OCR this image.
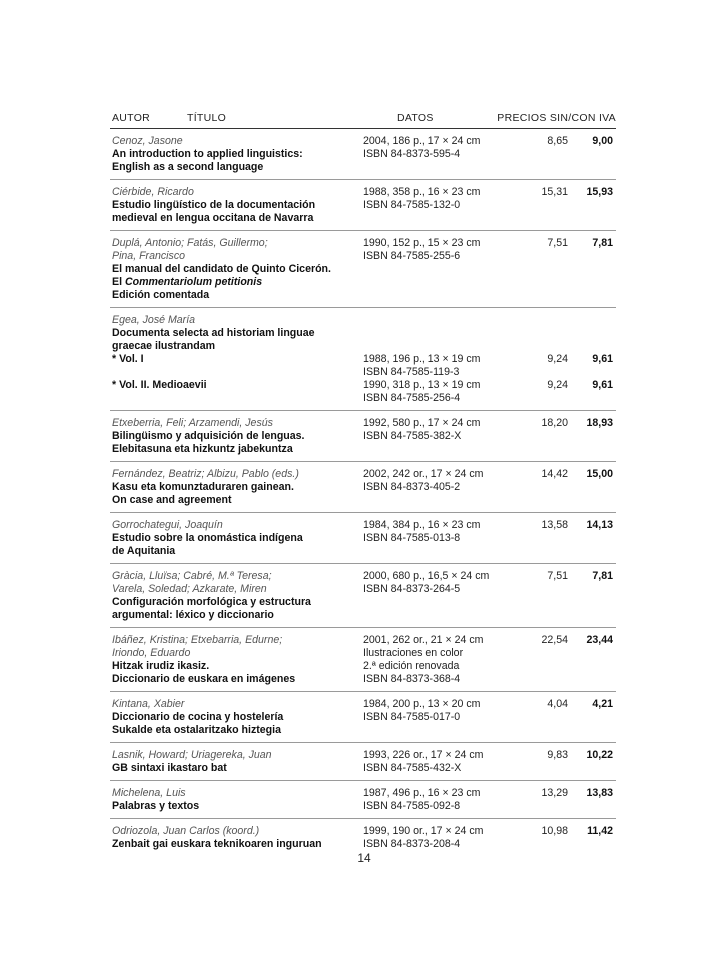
AUTOR	TÍTULO	DATOS	PRECIOS SIN/CON IVA
Cenoz, Jasone	2004, 186 p., 17 × 24 cm	8,65 9,00
An introduction to applied linguistics:	ISBN 84-8373-595-4
English as a second language
Ciérbide, Ricardo	1988, 358 p., 16 × 23 cm	15,31 15,93
Estudio lingüístico de la documentación	ISBN 84-7585-132-0
medieval en lengua occitana de Navarra
Duplá, Antonio; Fatás, Guillermo;	1990, 152 p., 15 × 23 cm	7,51 7,81
Pina, Francisco	ISBN 84-7585-255-6
El manual del candidato de Quinto Cicerón.
El Commentariolum petitionis
Edición comentada
Egea, José María
Documenta selecta ad historiam linguae
graecae ilustrandam
* Vol. I	1988, 196 p., 13 × 19 cm	9,24 9,61
ISBN 84-7585-119-3
* Vol. II. Medioaevii	1990, 318 p., 13 × 19 cm	9,24 9,61
ISBN 84-7585-256-4
Etxeberria, Feli; Arzamendi, Jesús	1992, 580 p., 17 × 24 cm	18,20 18,93
Bilingüismo y adquisición de lenguas.	ISBN 84-7585-382-X
Elebitasuna eta hizkuntz jabekuntza
Fernández, Beatriz; Albizu, Pablo (eds.)	2002, 242 or., 17 × 24 cm	14,42 15,00
Kasu eta komunztaduraren gainean.	ISBN 84-8373-405-2
On case and agreement
Gorrochategui, Joaquín	1984, 384 p., 16 × 23 cm	13,58 14,13
Estudio sobre la onomástica indígena	ISBN 84-7585-013-8
de Aquitania
Gràcia, Lluïsa; Cabré, M.ª Teresa;	2000, 680 p., 16,5 × 24 cm	7,51 7,81
Varela, Soledad; Azkarate, Miren	ISBN 84-8373-264-5
Configuración morfológica y estructura
argumental: léxico y diccionario
Ibáñez, Kristina; Etxebarria, Edurne;	2001, 262 or., 21 × 24 cm	22,54 23,44
Iriondo, Eduardo	Ilustraciones en color
Hitzak irudiz ikasiz.	2.ª edición renovada
Diccionario de euskara en imágenes	ISBN 84-8373-368-4
Kintana, Xabier	1984, 200 p., 13 × 20 cm	4,04 4,21
Diccionario de cocina y hostelería	ISBN 84-7585-017-0
Sukalde eta ostalaritzako hiztegia
Lasnik, Howard; Uriagereka, Juan	1993, 226 or., 17 × 24 cm	9,83 10,22
GB sintaxi ikastaro bat	ISBN 84-7585-432-X
Michelena, Luis	1987, 496 p., 16 × 23 cm	13,29 13,83
Palabras y textos	ISBN 84-7585-092-8
Odriozola, Juan Carlos (koord.)	1999, 190 or., 17 × 24 cm	10,98 11,42
Zenbait gai euskara teknikoaren inguruan	ISBN 84-8373-208-4
14
